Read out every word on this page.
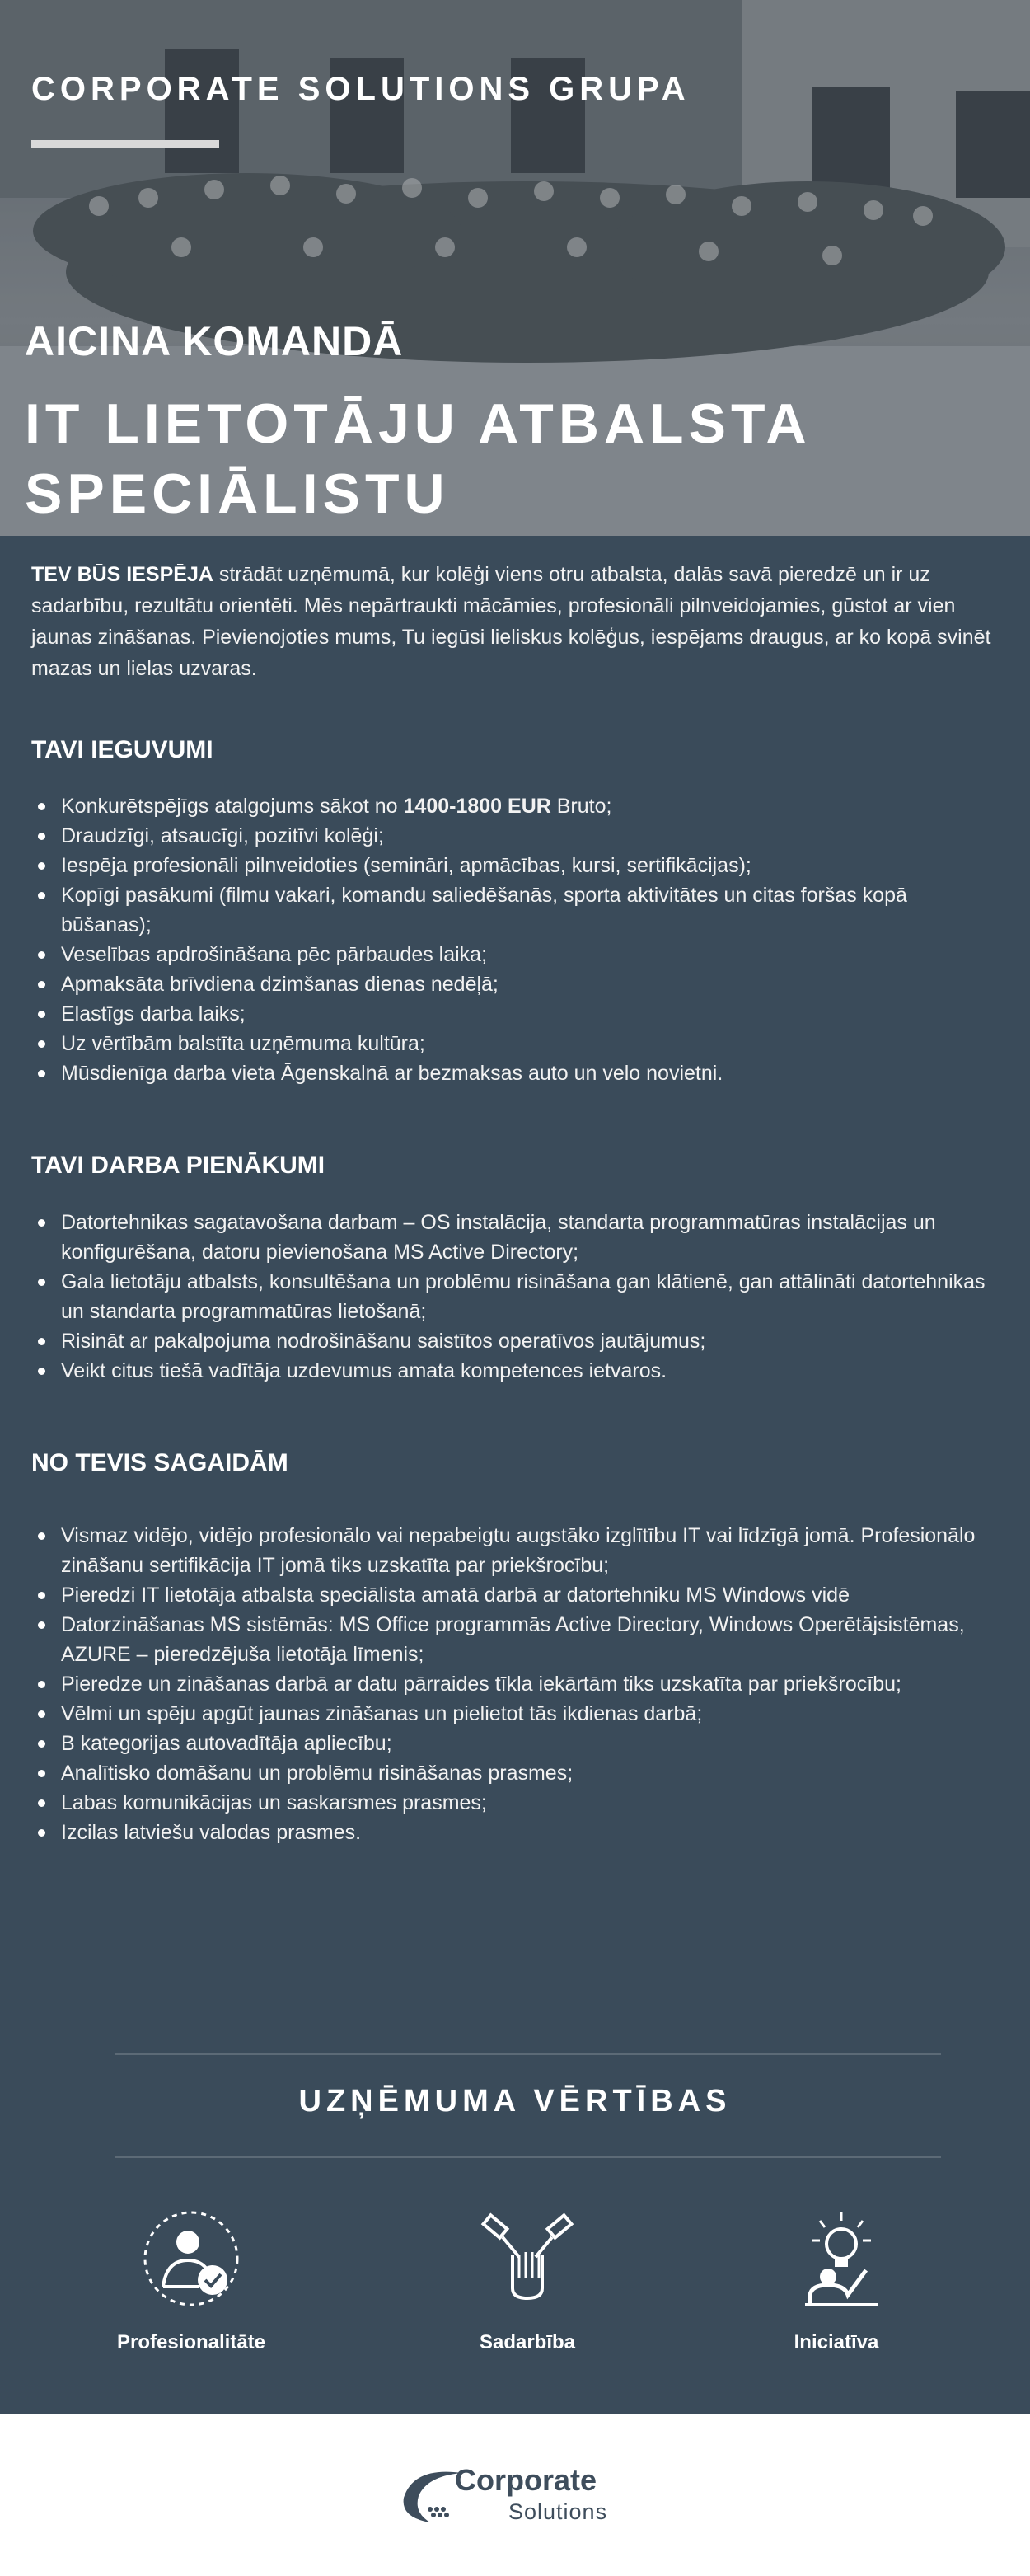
CORPORATE SOLUTIONS GRUPA
AICINA KOMANDĀ
IT LIETOTĀJU ATBALSTA
SPECIĀLISTU

TEV BŪS IESPĒJA strādāt uzņēmumā, kur kolēģi viens otru atbalsta, dalās savā pieredzē un ir uz sadarbību, rezultātu orientēti. Mēs nepārtraukti mācāmies, profesionāli pilnveidojamies, gūstot ar vien jaunas zināšanas. Pievienojoties mums, Tu iegūsi lieliskus kolēģus, iespējams draugus, ar ko kopā svinēt mazas un lielas uzvaras.

TAVI IEGUVUMI
Konkurētspējīgs atalgojums sākot no 1400-1800 EUR Bruto;
Draudzīgi, atsaucīgi, pozitīvi kolēģi;
Iespēja profesionāli pilnveidoties (semināri, apmācības, kursi, sertifikācijas);
Kopīgi pasākumi (filmu vakari, komandu saliedēšanās, sporta aktivitātes un citas foršas kopā būšanas);
Veselības apdrošināšana pēc pārbaudes laika;
Apmaksāta brīvdiena dzimšanas dienas nedēļā;
Elastīgs darba laiks;
Uz vērtībām balstīta uzņēmuma kultūra;
Mūsdienīga darba vieta Āgenskalnā ar bezmaksas auto un velo novietni.
TAVI DARBA PIENĀKUMI
Datortehnikas sagatavošana darbam – OS instalācija, standarta programmatūras instalācijas un konfigurēšana, datoru pievienošana MS Active Directory;
Gala lietotāju atbalsts, konsultēšana un problēmu risināšana gan klātienē, gan attālināti datortehnikas un standarta programmatūras lietošanā;
Risināt ar pakalpojuma nodrošināšanu saistītos operatīvos jautājumus;
Veikt citus tiešā vadītāja uzdevumus amata kompetences ietvaros.
NO TEVIS SAGAIDĀM
Vismaz vidējo, vidējo profesionālo vai nepabeigtu augstāko izglītību IT vai līdzīgā jomā. Profesionālo zināšanu sertifikācija IT jomā tiks uzskatīta par priekšrocību;
Pieredzi IT lietotāja atbalsta speciālista amatā darbā ar datortehniku MS Windows vidē
Datorzināšanas MS sistēmās: MS Office programmās Active Directory, Windows Operētājsistēmas, AZURE – pieredzējuša lietotāja līmenis;
Pieredze un zināšanas darbā ar datu pārraides tīkla iekārtām tiks uzskatīta par priekšrocību;
Vēlmi un spēju apgūt jaunas zināšanas un pielietot tās ikdienas darbā;
B kategorijas autovadītāja apliecību;
Analītisko domāšanu un problēmu risināšanas prasmes;
Labas komunikācijas un saskarsmes prasmes;
Izcilas latviešu valodas prasmes.
UZŅĒMUMA VĒRTĪBAS
Profesionalitāte	Sadarbība	Iniciatīva
Corporate
Solutions
